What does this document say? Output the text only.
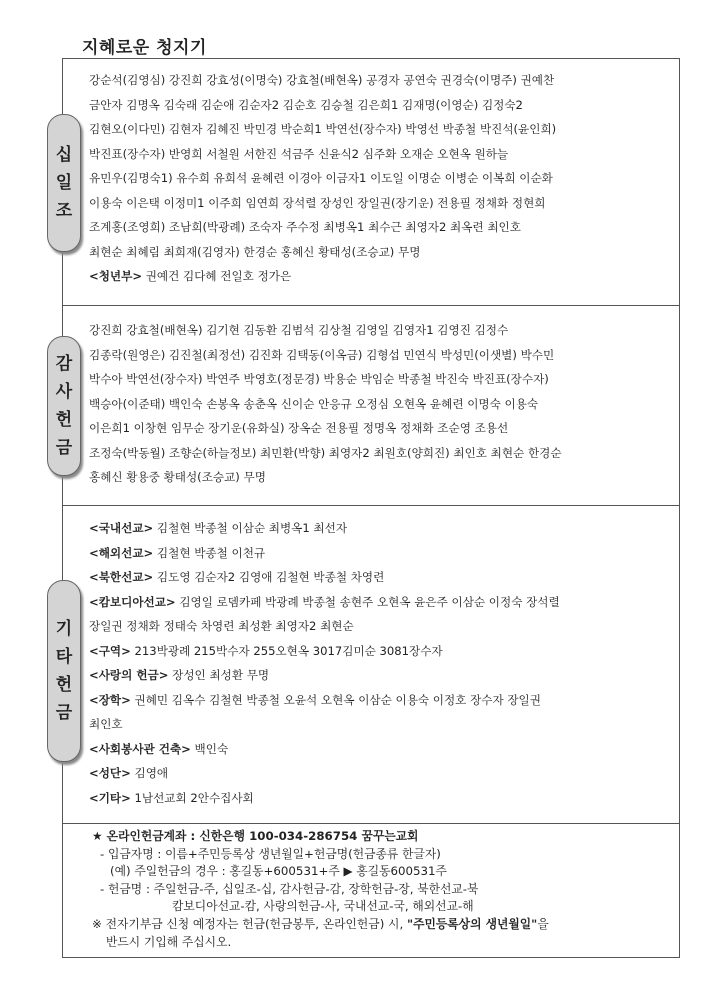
지혜로운 청지기
십
일
조
감
사
헌
금
기
타
헌
금
강순석(김영심) 강진희 강효성(이명숙) 강효철(배현옥) 공경자 공연숙 권경숙(이명주) 권예찬
금안자 김명옥 김숙래 김순애 김순자2 김순호 김승철 김은희1 김재명(이영순) 김정숙2
김현오(이다민) 김현자 김혜진 박민경 박순희1 박연선(장수자) 박영선 박종철 박진석(윤인희)
박진표(장수자) 반영희 서철원 서한진 석금주 신윤식2 심주화 오재순 오현옥 원하늘
유민우(김명숙1) 유수희 유희석 윤혜련 이경아 이금자1 이도일 이명순 이병순 이복희 이순화
이용숙 이은택 이정미1 이주희 임연희 장석렬 장성인 장일권(장기운) 전용필 정채화 정현희
조계홍(조영희) 조남희(박광례) 조숙자 주수정 최병옥1 최수근 최영자2 최옥련 최인호
최현순 최혜림 최희재(김영자) 한경순 홍혜신 황태성(조승교) 무명
<청년부> 권예건 김다혜 전일호 정가은
강진희 강효철(배현옥) 김기현 김동환 김범석 김상철 김영일 김영자1 김영진 김정수
김종락(원영은) 김진철(최정선) 김진화 김택동(이옥금) 김형섭 민연식 박성민(이샛별) 박수민
박수아 박연선(장수자) 박연주 박영호(정문경) 박용순 박임순 박종철 박진숙 박진표(장수자)
백승아(이준태) 백인숙 손봉옥 송춘옥 신이순 안응규 오정심 오현옥 윤혜련 이명숙 이용숙
이은희1 이창현 임무순 장기운(유화실) 장옥순 전용필 정명옥 정채화 조순영 조용선
조정숙(박동월) 조향순(하늘정보) 최민환(박향) 최영자2 최원호(양희진) 최인호 최현순 한경순
홍혜신 황용중 황태성(조승교) 무명
<국내선교> 김철현 박종철 이삼순 최병옥1 최선자
<해외선교> 김철현 박종철 이천규
<북한선교> 김도영 김순자2 김영애 김철현 박종철 차영련
<캄보디아선교> 김영일 로뎀카페 박광례 박종철 송현주 오현옥 윤은주 이삼순 이정숙 장석렬
장일권 정채화 정태숙 차영련 최성환 최영자2 최현순
<구역> 213박광례 215박수자 255오현옥 3017김미순 3081장수자
<사랑의 헌금> 장성인 최성환 무명
<장학> 권혜민 김옥수 김철현 박종철 오윤석 오현옥 이삼순 이용숙 이정호 장수자 장일권
최인호
<사회봉사관 건축> 백인숙
<성단> 김영애
<기타> 1남선교회 2안수집사회
★ 온라인헌금계좌 : 신한은행 100-034-286754 꿈꾸는교회
- 입금자명 : 이름+주민등록상 생년월일+헌금명(헌금종류 한글자)
(예) 주일헌금의 경우 : 홍길동+600531+주 ▶ 홍길동600531주
- 헌금명 : 주일헌금-주, 십일조-십, 감사헌금-감, 장학헌금-장, 북한선교-북
캄보디아선교-캄, 사랑의헌금-사, 국내선교-국, 해외선교-해
※ 전자기부금 신청 예정자는 헌금(헌금봉투, 온라인헌금) 시, "주민등록상의 생년월일"을
반드시 기입해 주십시오.
